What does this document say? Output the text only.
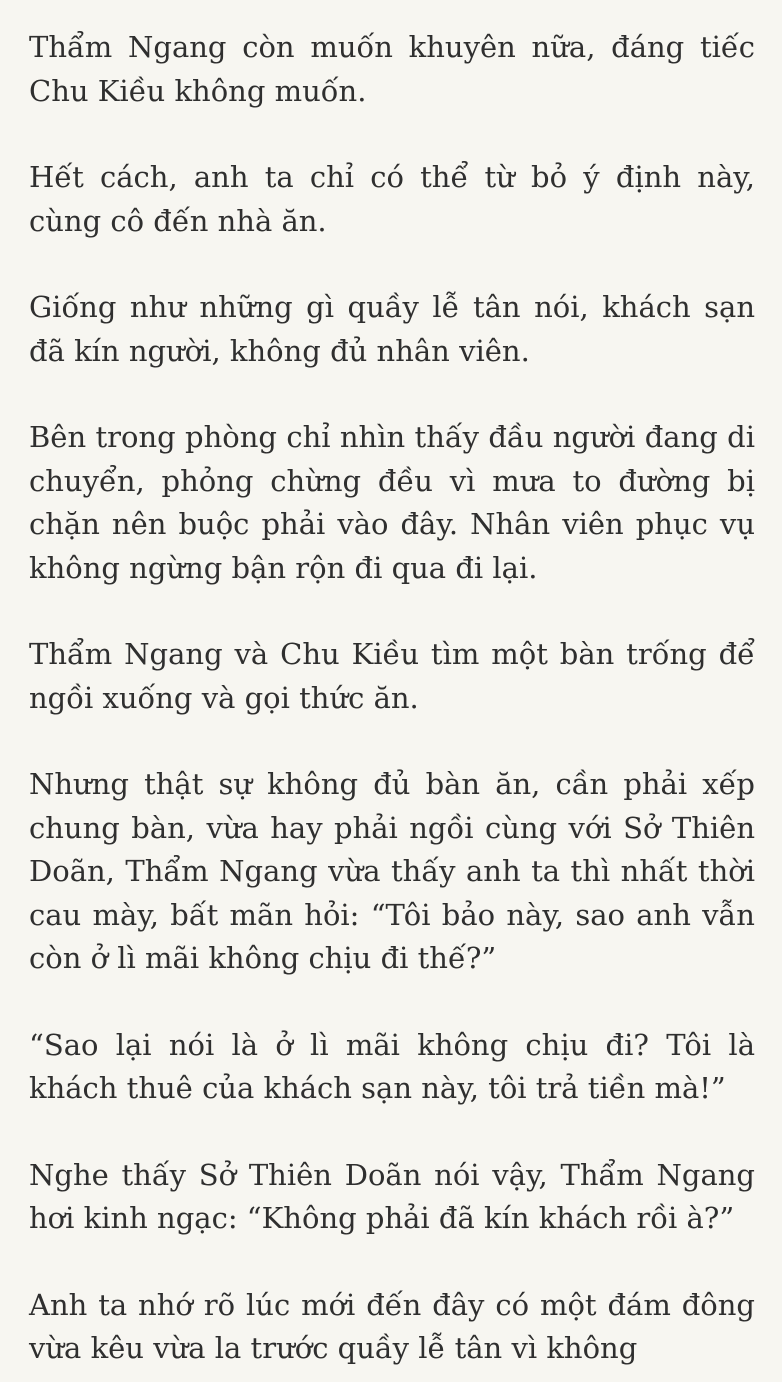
Thẩm Ngang còn muốn khuyên nữa, đáng tiếc Chu Kiều không muốn.

Hết cách, anh ta chỉ có thể từ bỏ ý định này, cùng cô đến nhà ăn.

Giống như những gì quầy lễ tân nói, khách sạn đã kín người, không đủ nhân viên.

Bên trong phòng chỉ nhìn thấy đầu người đang di chuyển, phỏng chừng đều vì mưa to đường bị chặn nên buộc phải vào đây. Nhân viên phục vụ không ngừng bận rộn đi qua đi lại.

Thẩm Ngang và Chu Kiều tìm một bàn trống để ngồi xuống và gọi thức ăn.

Nhưng thật sự không đủ bàn ăn, cần phải xếp chung bàn, vừa hay phải ngồi cùng với Sở Thiên Doãn, Thẩm Ngang vừa thấy anh ta thì nhất thời cau mày, bất mãn hỏi: “Tôi bảo này, sao anh vẫn còn ở lì mãi không chịu đi thế?”

“Sao lại nói là ở lì mãi không chịu đi? Tôi là khách thuê của khách sạn này, tôi trả tiền mà!”

Nghe thấy Sở Thiên Doãn nói vậy, Thẩm Ngang hơi kinh ngạc: “Không phải đã kín khách rồi à?”

Anh ta nhớ rõ lúc mới đến đây có một đám đông vừa kêu vừa la trước quầy lễ tân vì không
